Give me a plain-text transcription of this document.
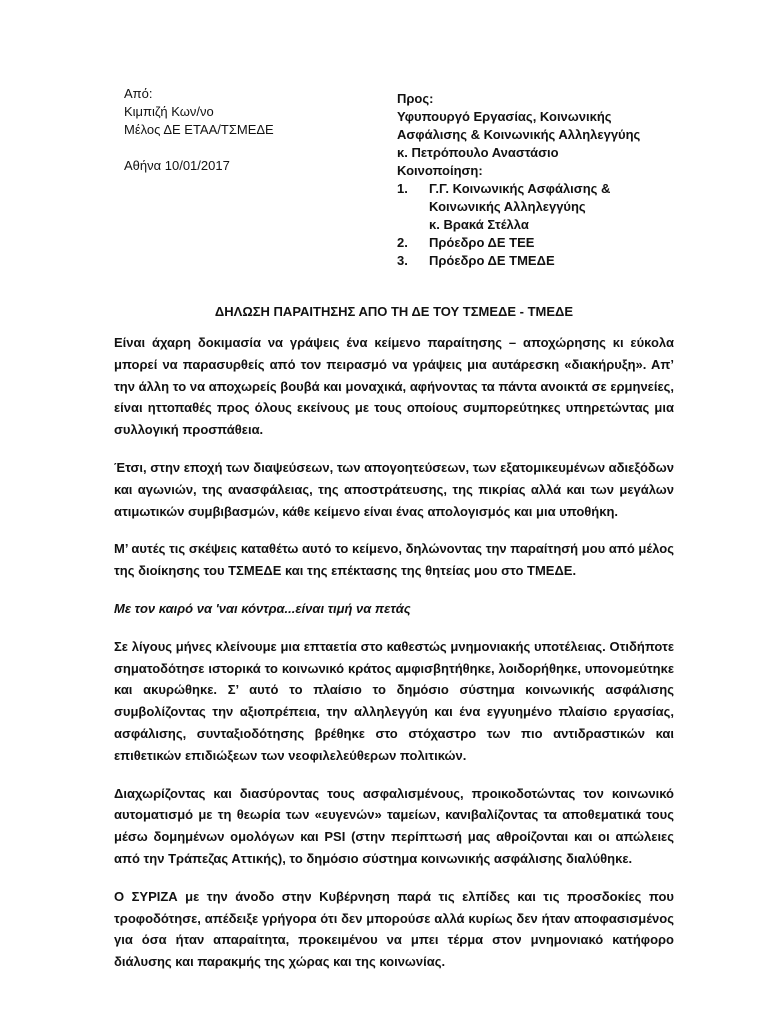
Από:
Κιμπιζή Κων/νο
Μέλος ΔΕ ΕΤΑΑ/ΤΣΜΕΔΕ
Αθήνα 10/01/2017
Προς:
Υφυπουργό Εργασίας, Κοινωνικής
Ασφάλισης & Κοινωνικής Αλληλεγγύης
κ. Πετρόπουλο Αναστάσιο
Κοινοποίηση:
1. Γ.Γ. Κοινωνικής Ασφάλισης &
Κοινωνικής Αλληλεγγύης
κ. Βρακά Στέλλα
2. Πρόεδρο ΔΕ ΤΕΕ
3. Πρόεδρο ΔΕ ΤΜΕΔΕ
ΔΗΛΩΣΗ ΠΑΡΑΙΤΗΣΗΣ ΑΠΟ ΤΗ ΔΕ ΤΟΥ ΤΣΜΕΔΕ - ΤΜΕΔΕ

Είναι άχαρη δοκιμασία να γράψεις ένα κείμενο παραίτησης – αποχώρησης κι εύκολα μπορεί να παρασυρθείς από τον πειρασμό να γράψεις μια αυτάρεσκη «διακήρυξη». Απ’ την άλλη το να αποχωρείς βουβά και μοναχικά, αφήνοντας τα πάντα ανοικτά σε ερμηνείες, είναι ηττοπαθές προς όλους εκείνους με τους οποίους συμπορεύτηκες υπηρετώντας μια συλλογική προσπάθεια.

Έτσι, στην εποχή των διαψεύσεων, των απογοητεύσεων, των εξατομικευμένων αδιεξόδων και αγωνιών, της ανασφάλειας, της αποστράτευσης, της πικρίας αλλά και των μεγάλων ατιμωτικών συμβιβασμών, κάθε κείμενο είναι ένας απολογισμός και μια υποθήκη.

Μ’ αυτές τις σκέψεις καταθέτω αυτό το κείμενο, δηλώνοντας την παραίτησή μου από μέλος της διοίκησης του ΤΣΜΕΔΕ και της επέκτασης της θητείας μου στο ΤΜΕΔΕ.

Με τον καιρό να 'ναι κόντρα...είναι τιμή να πετάς

Σε λίγους μήνες κλείνουμε μια επταετία στο καθεστώς μνημονιακής υποτέλειας. Οτιδήποτε σηματοδότησε ιστορικά το κοινωνικό κράτος αμφισβητήθηκε, λοιδορήθηκε, υπονομεύτηκε και ακυρώθηκε. Σ’ αυτό το πλαίσιο το δημόσιο σύστημα κοινωνικής ασφάλισης συμβολίζοντας την αξιοπρέπεια, την αλληλεγγύη και ένα εγγυημένο πλαίσιο εργασίας, ασφάλισης, συνταξιοδότησης βρέθηκε στο στόχαστρο των πιο αντιδραστικών και επιθετικών επιδιώξεων των νεοφιλελεύθερων πολιτικών.

Διαχωρίζοντας και διασύροντας τους ασφαλισμένους, προικοδοτώντας τον κοινωνικό αυτοματισμό με τη θεωρία των «ευγενών» ταμείων, κανιβαλίζοντας τα αποθεματικά τους μέσω δομημένων ομολόγων και PSI (στην περίπτωσή μας αθροίζονται και οι απώλειες από την Τράπεζας Αττικής), το δημόσιο σύστημα κοινωνικής ασφάλισης διαλύθηκε.

Ο ΣΥΡΙΖΑ με την άνοδο στην Κυβέρνηση παρά τις ελπίδες και τις προσδοκίες που τροφοδότησε, απέδειξε γρήγορα ότι δεν μπορούσε αλλά κυρίως δεν ήταν αποφασισμένος για όσα ήταν απαραίτητα, προκειμένου να μπει τέρμα στον μνημονιακό κατήφορο διάλυσης και παρακμής της χώρας και της κοινωνίας.
